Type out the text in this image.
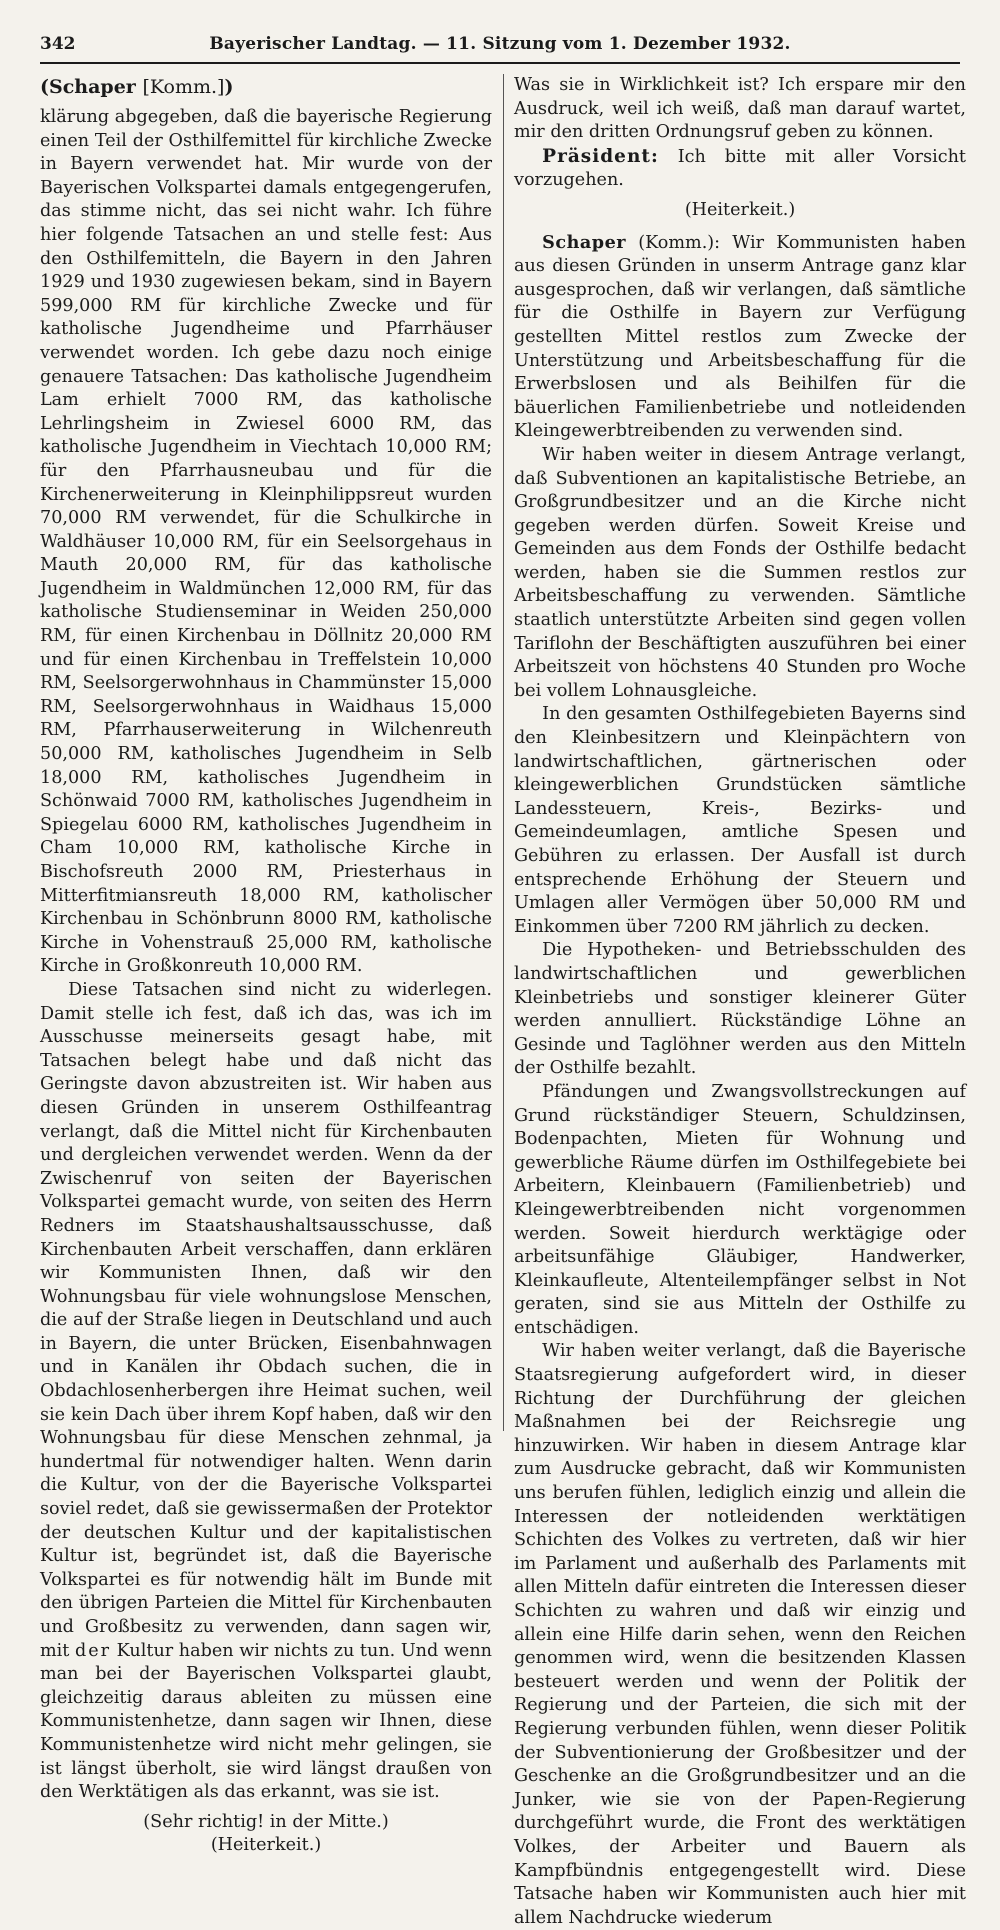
342	Bayerischer Landtag. — 11. Sitzung vom 1. Dezember 1932.
(Schaper [Komm.])

klärung abgegeben, daß die bayerische Regierung einen Teil der Osthilfemittel für kirchliche Zwecke in Bayern verwendet hat. Mir wurde von der Bayerischen Volkspartei damals entgegengerufen, das stimme nicht, das sei nicht wahr. Ich führe hier folgende Tatsachen an und stelle fest: Aus den Osthilfemitteln, die Bayern in den Jahren 1929 und 1930 zugewiesen bekam, sind in Bayern 599,000 RM für kirchliche Zwecke und für katholische Jugendheime und Pfarrhäuser verwendet worden. Ich gebe dazu noch einige genauere Tatsachen: Das katholische Jugendheim Lam erhielt 7000 RM, das katholische Lehrlingsheim in Zwiesel 6000 RM, das katholische Jugendheim in Viechtach 10,000 RM; für den Pfarrhausneubau und für die Kirchenerweiterung in Kleinphilippsreut wurden 70,000 RM verwendet, für die Schulkirche in Waldhäuser 10,000 RM, für ein Seelsorgehaus in Mauth 20,000 RM, für das katholische Jugendheim in Waldmünchen 12,000 RM, für das katholische Studienseminar in Weiden 250,000 RM, für einen Kirchenbau in Döllnitz 20,000 RM und für einen Kirchenbau in Treffelstein 10,000 RM, Seelsorgerwohnhaus in Chammünster 15,000 RM, Seelsorgerwohnhaus in Waidhaus 15,000 RM, Pfarrhauserweiterung in Wilchenreuth 50,000 RM, katholisches Jugendheim in Selb 18,000 RM, katholisches Jugendheim in Schönwaid 7000 RM, katholisches Jugendheim in Spiegelau 6000 RM, katholisches Jugendheim in Cham 10,000 RM, katholische Kirche in Bischofsreuth 2000 RM, Priesterhaus in Mitterfitmiansreuth 18,000 RM, katholischer Kirchenbau in Schönbrunn 8000 RM, katholische Kirche in Vohenstrauß 25,000 RM, katholische Kirche in Großkonreuth 10,000 RM.

Diese Tatsachen sind nicht zu widerlegen. Damit stelle ich fest, daß ich das, was ich im Ausschusse meinerseits gesagt habe, mit Tatsachen belegt habe und daß nicht das Geringste davon abzustreiten ist. Wir haben aus diesen Gründen in unserem Osthilfeantrag verlangt, daß die Mittel nicht für Kirchenbauten und dergleichen verwendet werden. Wenn da der Zwischenruf von seiten der Bayerischen Volkspartei gemacht wurde, von seiten des Herrn Redners im Staatshaushaltsausschusse, daß Kirchenbauten Arbeit verschaffen, dann erklären wir Kommunisten Ihnen, daß wir den Wohnungsbau für viele wohnungslose Menschen, die auf der Straße liegen in Deutschland und auch in Bayern, die unter Brücken, Eisenbahnwagen und in Kanälen ihr Obdach suchen, die in Obdachlosenherbergen ihre Heimat suchen, weil sie kein Dach über ihrem Kopf haben, daß wir den Wohnungsbau für diese Menschen zehnmal, ja hundertmal für notwendiger halten. Wenn darin die Kultur, von der die Bayerische Volkspartei soviel redet, daß sie gewissermaßen der Protektor der deutschen Kultur und der kapitalistischen Kultur ist, begründet ist, daß die Bayerische Volkspartei es für notwendig hält im Bunde mit den übrigen Parteien die Mittel für Kirchenbauten und Großbesitz zu verwenden, dann sagen wir, mit der Kultur haben wir nichts zu tun. Und wenn man bei der Bayerischen Volkspartei glaubt, gleichzeitig daraus ableiten zu müssen eine Kommunistenhetze, dann sagen wir Ihnen, diese Kommunistenhetze wird nicht mehr gelingen, sie ist längst überholt, sie wird längst draußen von den Werktätigen als das erkannt, was sie ist.

(Sehr richtig! in der Mitte.)
(Heiterkeit.)

Was sie in Wirklichkeit ist? Ich erspare mir den Ausdruck, weil ich weiß, daß man darauf wartet, mir den dritten Ordnungsruf geben zu können.

Präsident: Ich bitte mit aller Vorsicht vorzugehen.

(Heiterkeit.)

Schaper (Komm.): Wir Kommunisten haben aus diesen Gründen in unserm Antrage ganz klar ausgesprochen, daß wir verlangen, daß sämtliche für die Osthilfe in Bayern zur Verfügung gestellten Mittel restlos zum Zwecke der Unterstützung und Arbeitsbeschaffung für die Erwerbslosen und als Beihilfen für die bäuerlichen Familienbetriebe und notleidenden Kleingewerbtreibenden zu verwenden sind.

Wir haben weiter in diesem Antrage verlangt, daß Subventionen an kapitalistische Betriebe, an Großgrundbesitzer und an die Kirche nicht gegeben werden dürfen. Soweit Kreise und Gemeinden aus dem Fonds der Osthilfe bedacht werden, haben sie die Summen restlos zur Arbeitsbeschaffung zu verwenden. Sämtliche staatlich unterstützte Arbeiten sind gegen vollen Tariflohn der Beschäftigten auszuführen bei einer Arbeitszeit von höchstens 40 Stunden pro Woche bei vollem Lohnausgleiche.

In den gesamten Osthilfegebieten Bayerns sind den Kleinbesitzern und Kleinpächtern von landwirtschaftlichen, gärtnerischen oder kleingewerblichen Grundstücken sämtliche Landessteuern, Kreis-, Bezirks- und Gemeindeumlagen, amtliche Spesen und Gebühren zu erlassen. Der Ausfall ist durch entsprechende Erhöhung der Steuern und Umlagen aller Vermögen über 50,000 RM und Einkommen über 7200 RM jährlich zu decken.

Die Hypotheken- und Betriebsschulden des landwirtschaftlichen und gewerblichen Kleinbetriebs und sonstiger kleinerer Güter werden annulliert. Rückständige Löhne an Gesinde und Taglöhner werden aus den Mitteln der Osthilfe bezahlt.

Pfändungen und Zwangsvollstreckungen auf Grund rückständiger Steuern, Schuldzinsen, Bodenpachten, Mieten für Wohnung und gewerbliche Räume dürfen im Osthilfegebiete bei Arbeitern, Kleinbauern (Familienbetrieb) und Kleingewerbtreibenden nicht vorgenommen werden. Soweit hierdurch werktägige oder arbeitsunfähige Gläubiger, Handwerker, Kleinkaufleute, Altenteilempfänger selbst in Not geraten, sind sie aus Mitteln der Osthilfe zu entschädigen.

Wir haben weiter verlangt, daß die Bayerische Staatsregierung aufgefordert wird, in dieser Richtung der Durchführung der gleichen Maßnahmen bei der Reichsregie ung hinzuwirken. Wir haben in diesem Antrage klar zum Ausdrucke gebracht, daß wir Kommunisten uns berufen fühlen, lediglich einzig und allein die Interessen der notleidenden werktätigen Schichten des Volkes zu vertreten, daß wir hier im Parlament und außerhalb des Parlaments mit allen Mitteln dafür eintreten die Interessen dieser Schichten zu wahren und daß wir einzig und allein eine Hilfe darin sehen, wenn den Reichen genommen wird, wenn die besitzenden Klassen besteuert werden und wenn der Politik der Regierung und der Parteien, die sich mit der Regierung verbunden fühlen, wenn dieser Politik der Subventionierung der Großbesitzer und der Geschenke an die Großgrundbesitzer und an die Junker, wie sie von der Papen-Regierung durchgeführt wurde, die Front des werktätigen Volkes, der Arbeiter und Bauern als Kampfbündnis entgegengestellt wird. Diese Tatsache haben wir Kommunisten auch hier mit allem Nachdrucke wiederum
